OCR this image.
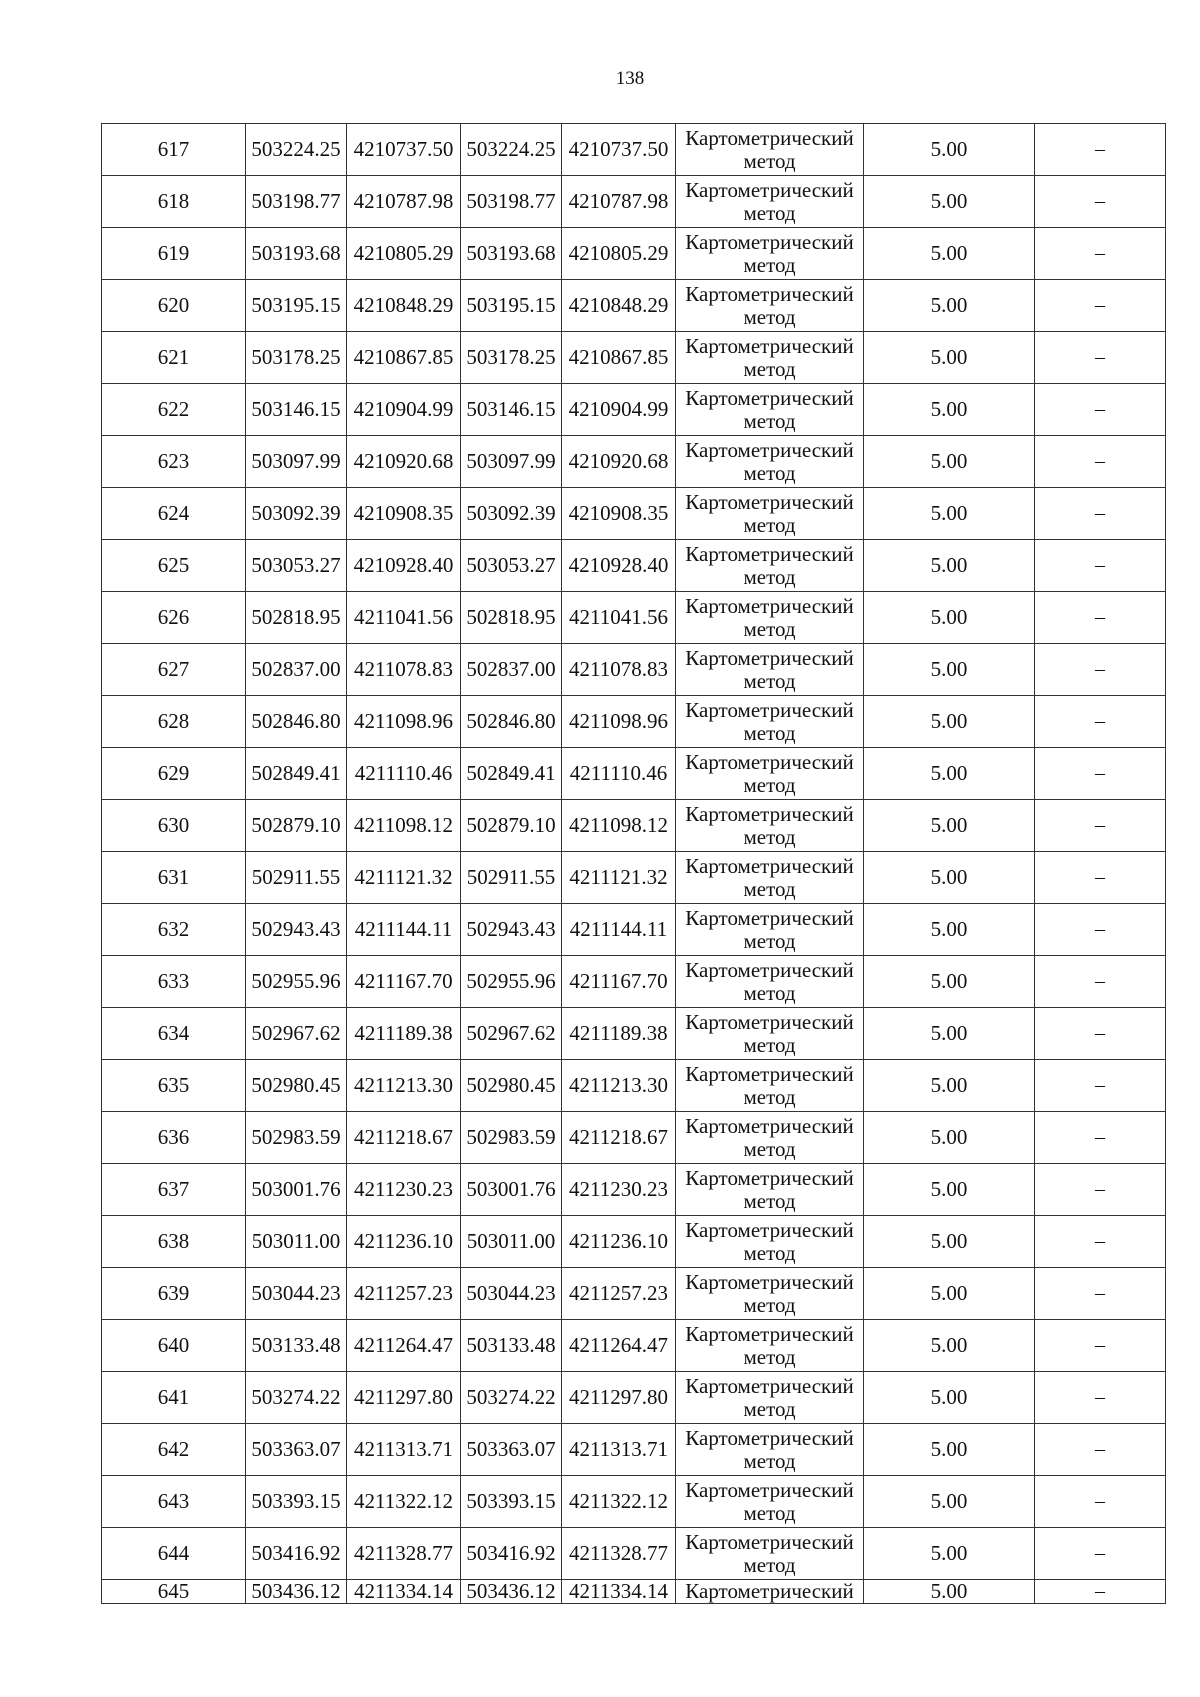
138
617	503224.25	4210737.50	503224.25	4210737.50	Картометрический
метод	5.00	–
618	503198.77	4210787.98	503198.77	4210787.98	Картометрический
метод	5.00	–
619	503193.68	4210805.29	503193.68	4210805.29	Картометрический
метод	5.00	–
620	503195.15	4210848.29	503195.15	4210848.29	Картометрический
метод	5.00	–
621	503178.25	4210867.85	503178.25	4210867.85	Картометрический
метод	5.00	–
622	503146.15	4210904.99	503146.15	4210904.99	Картометрический
метод	5.00	–
623	503097.99	4210920.68	503097.99	4210920.68	Картометрический
метод	5.00	–
624	503092.39	4210908.35	503092.39	4210908.35	Картометрический
метод	5.00	–
625	503053.27	4210928.40	503053.27	4210928.40	Картометрический
метод	5.00	–
626	502818.95	4211041.56	502818.95	4211041.56	Картометрический
метод	5.00	–
627	502837.00	4211078.83	502837.00	4211078.83	Картометрический
метод	5.00	–
628	502846.80	4211098.96	502846.80	4211098.96	Картометрический
метод	5.00	–
629	502849.41	4211110.46	502849.41	4211110.46	Картометрический
метод	5.00	–
630	502879.10	4211098.12	502879.10	4211098.12	Картометрический
метод	5.00	–
631	502911.55	4211121.32	502911.55	4211121.32	Картометрический
метод	5.00	–
632	502943.43	4211144.11	502943.43	4211144.11	Картометрический
метод	5.00	–
633	502955.96	4211167.70	502955.96	4211167.70	Картометрический
метод	5.00	–
634	502967.62	4211189.38	502967.62	4211189.38	Картометрический
метод	5.00	–
635	502980.45	4211213.30	502980.45	4211213.30	Картометрический
метод	5.00	–
636	502983.59	4211218.67	502983.59	4211218.67	Картометрический
метод	5.00	–
637	503001.76	4211230.23	503001.76	4211230.23	Картометрический
метод	5.00	–
638	503011.00	4211236.10	503011.00	4211236.10	Картометрический
метод	5.00	–
639	503044.23	4211257.23	503044.23	4211257.23	Картометрический
метод	5.00	–
640	503133.48	4211264.47	503133.48	4211264.47	Картометрический
метод	5.00	–
641	503274.22	4211297.80	503274.22	4211297.80	Картометрический
метод	5.00	–
642	503363.07	4211313.71	503363.07	4211313.71	Картометрический
метод	5.00	–
643	503393.15	4211322.12	503393.15	4211322.12	Картометрический
метод	5.00	–
644	503416.92	4211328.77	503416.92	4211328.77	Картометрический
метод	5.00	–
645	503436.12	4211334.14	503436.12	4211334.14	Картометрический	5.00	–
